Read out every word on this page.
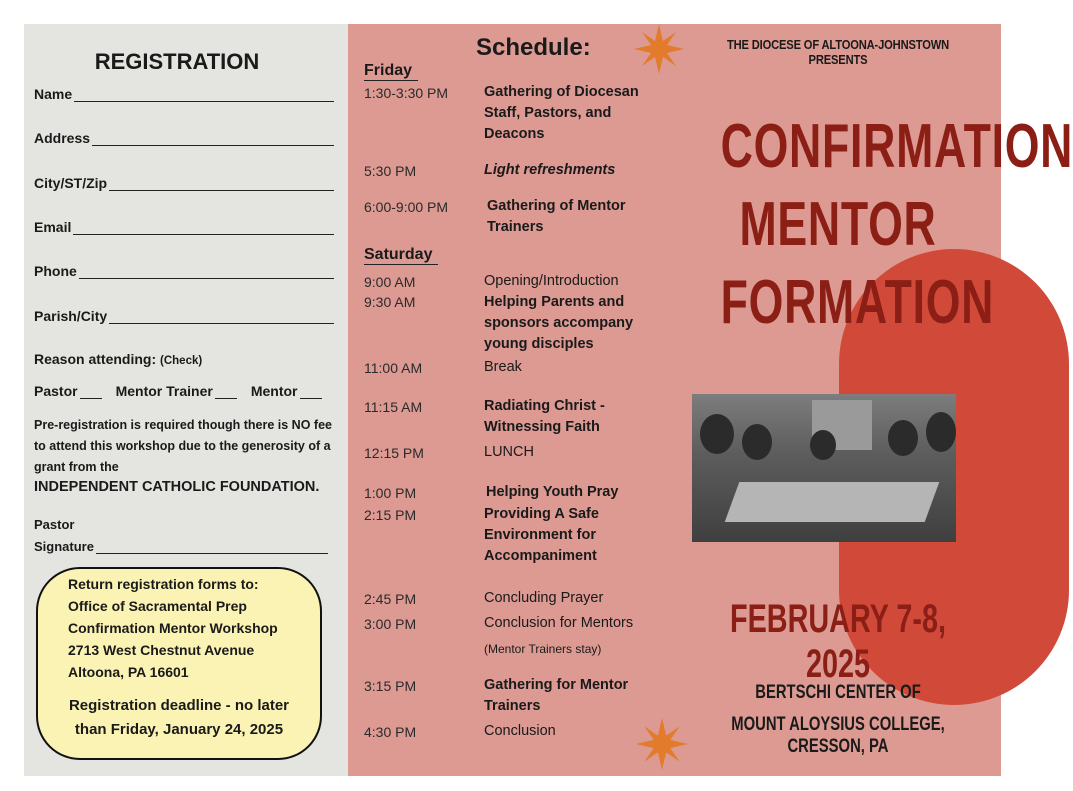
REGISTRATION
Name
Address
City/ST/Zip
Email
Phone
Parish/City
Reason attending: (Check)
Pastor	Mentor Trainer	Mentor
Pre-registration is required though there is NO fee to attend this workshop due to the generosity of a grant from the
INDEPENDENT CATHOLIC FOUNDATION.
Pastor
Signature
Return registration forms to:
Office of Sacramental Prep
Confirmation Mentor Workshop
2713 West Chestnut Avenue
Altoona, PA 16601
Registration deadline - no later
than Friday, January 24, 2025
Schedule:
Friday
1:30-3:30 PM Gathering of Diocesan Staff, Pastors, and Deacons
5:30 PM	Light refreshments
6:00-9:00 PM	Gathering of Mentor Trainers
Saturday
9:00 AM	Opening/Introduction
9:30 AM	Helping Parents and sponsors accompany young disciples
11:00 AM	Break
11:15 AM	Radiating Christ - Witnessing Faith
12:15 PM	LUNCH
1:00 PM	Helping Youth Pray
2:15 PM	Providing A Safe Environment for Accompaniment
2:45 PM	Concluding Prayer
3:00 PM	Conclusion for Mentors
(Mentor Trainers stay)
3:15 PM	Gathering for Mentor Trainers
4:30 PM	Conclusion
THE DIOCESE OF ALTOONA-JOHNSTOWN PRESENTS
CONFIRMATION
MENTOR
FORMATION
FEBRUARY 7-8, 2025
BERTSCHI CENTER OF
MOUNT ALOYSIUS COLLEGE, CRESSON, PA
